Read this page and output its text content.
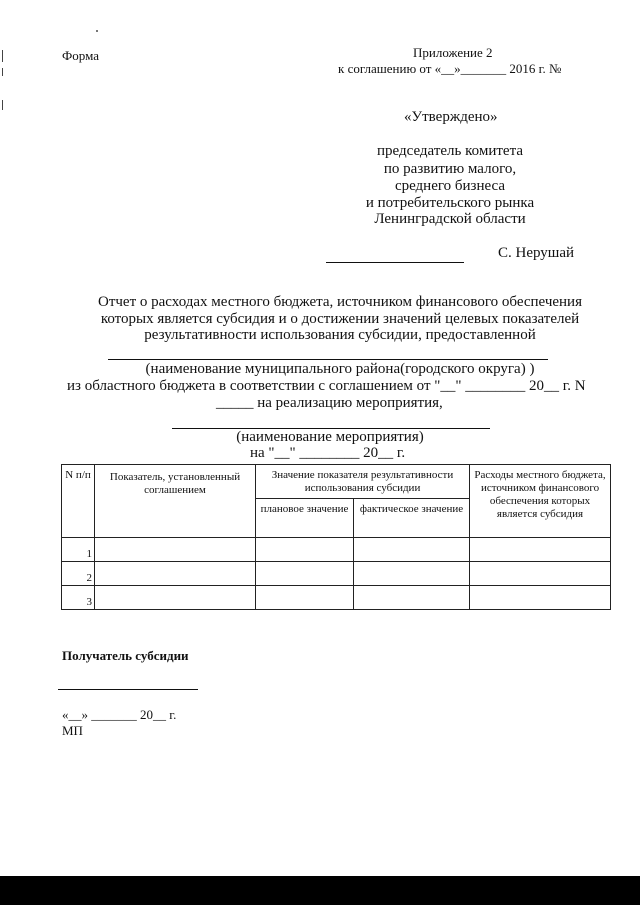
Форма	Приложение 2
к соглашению от «__»_______ 2016 г. №
«Утверждено»
председатель комитета
по развитию малого,
среднего бизнеса
и потребительского рынка
Ленинградской области
С. Нерушай
Отчет о расходах местного бюджета, источником финансового обеспечения
которых является субсидия и о достижении значений целевых показателей
результативности использования субсидии, предоставленной
(наименование муниципального района(городского округа) )
из областного бюджета в соответствии с соглашением от "__" ________ 20__ г. N
_____ на реализацию мероприятия,
(наименование мероприятия)
на "__" ________ 20__ г.
N п/п	Показатель, установленный соглашением	Значение показателя результативности использования субсидии		Расходы местного бюджета, источником финансового обеспечения которых является субсидия
		плановое значение	фактическое значение	
1				
2				
3				
Получатель субсидии
«__» _______ 20__ г.
МП
